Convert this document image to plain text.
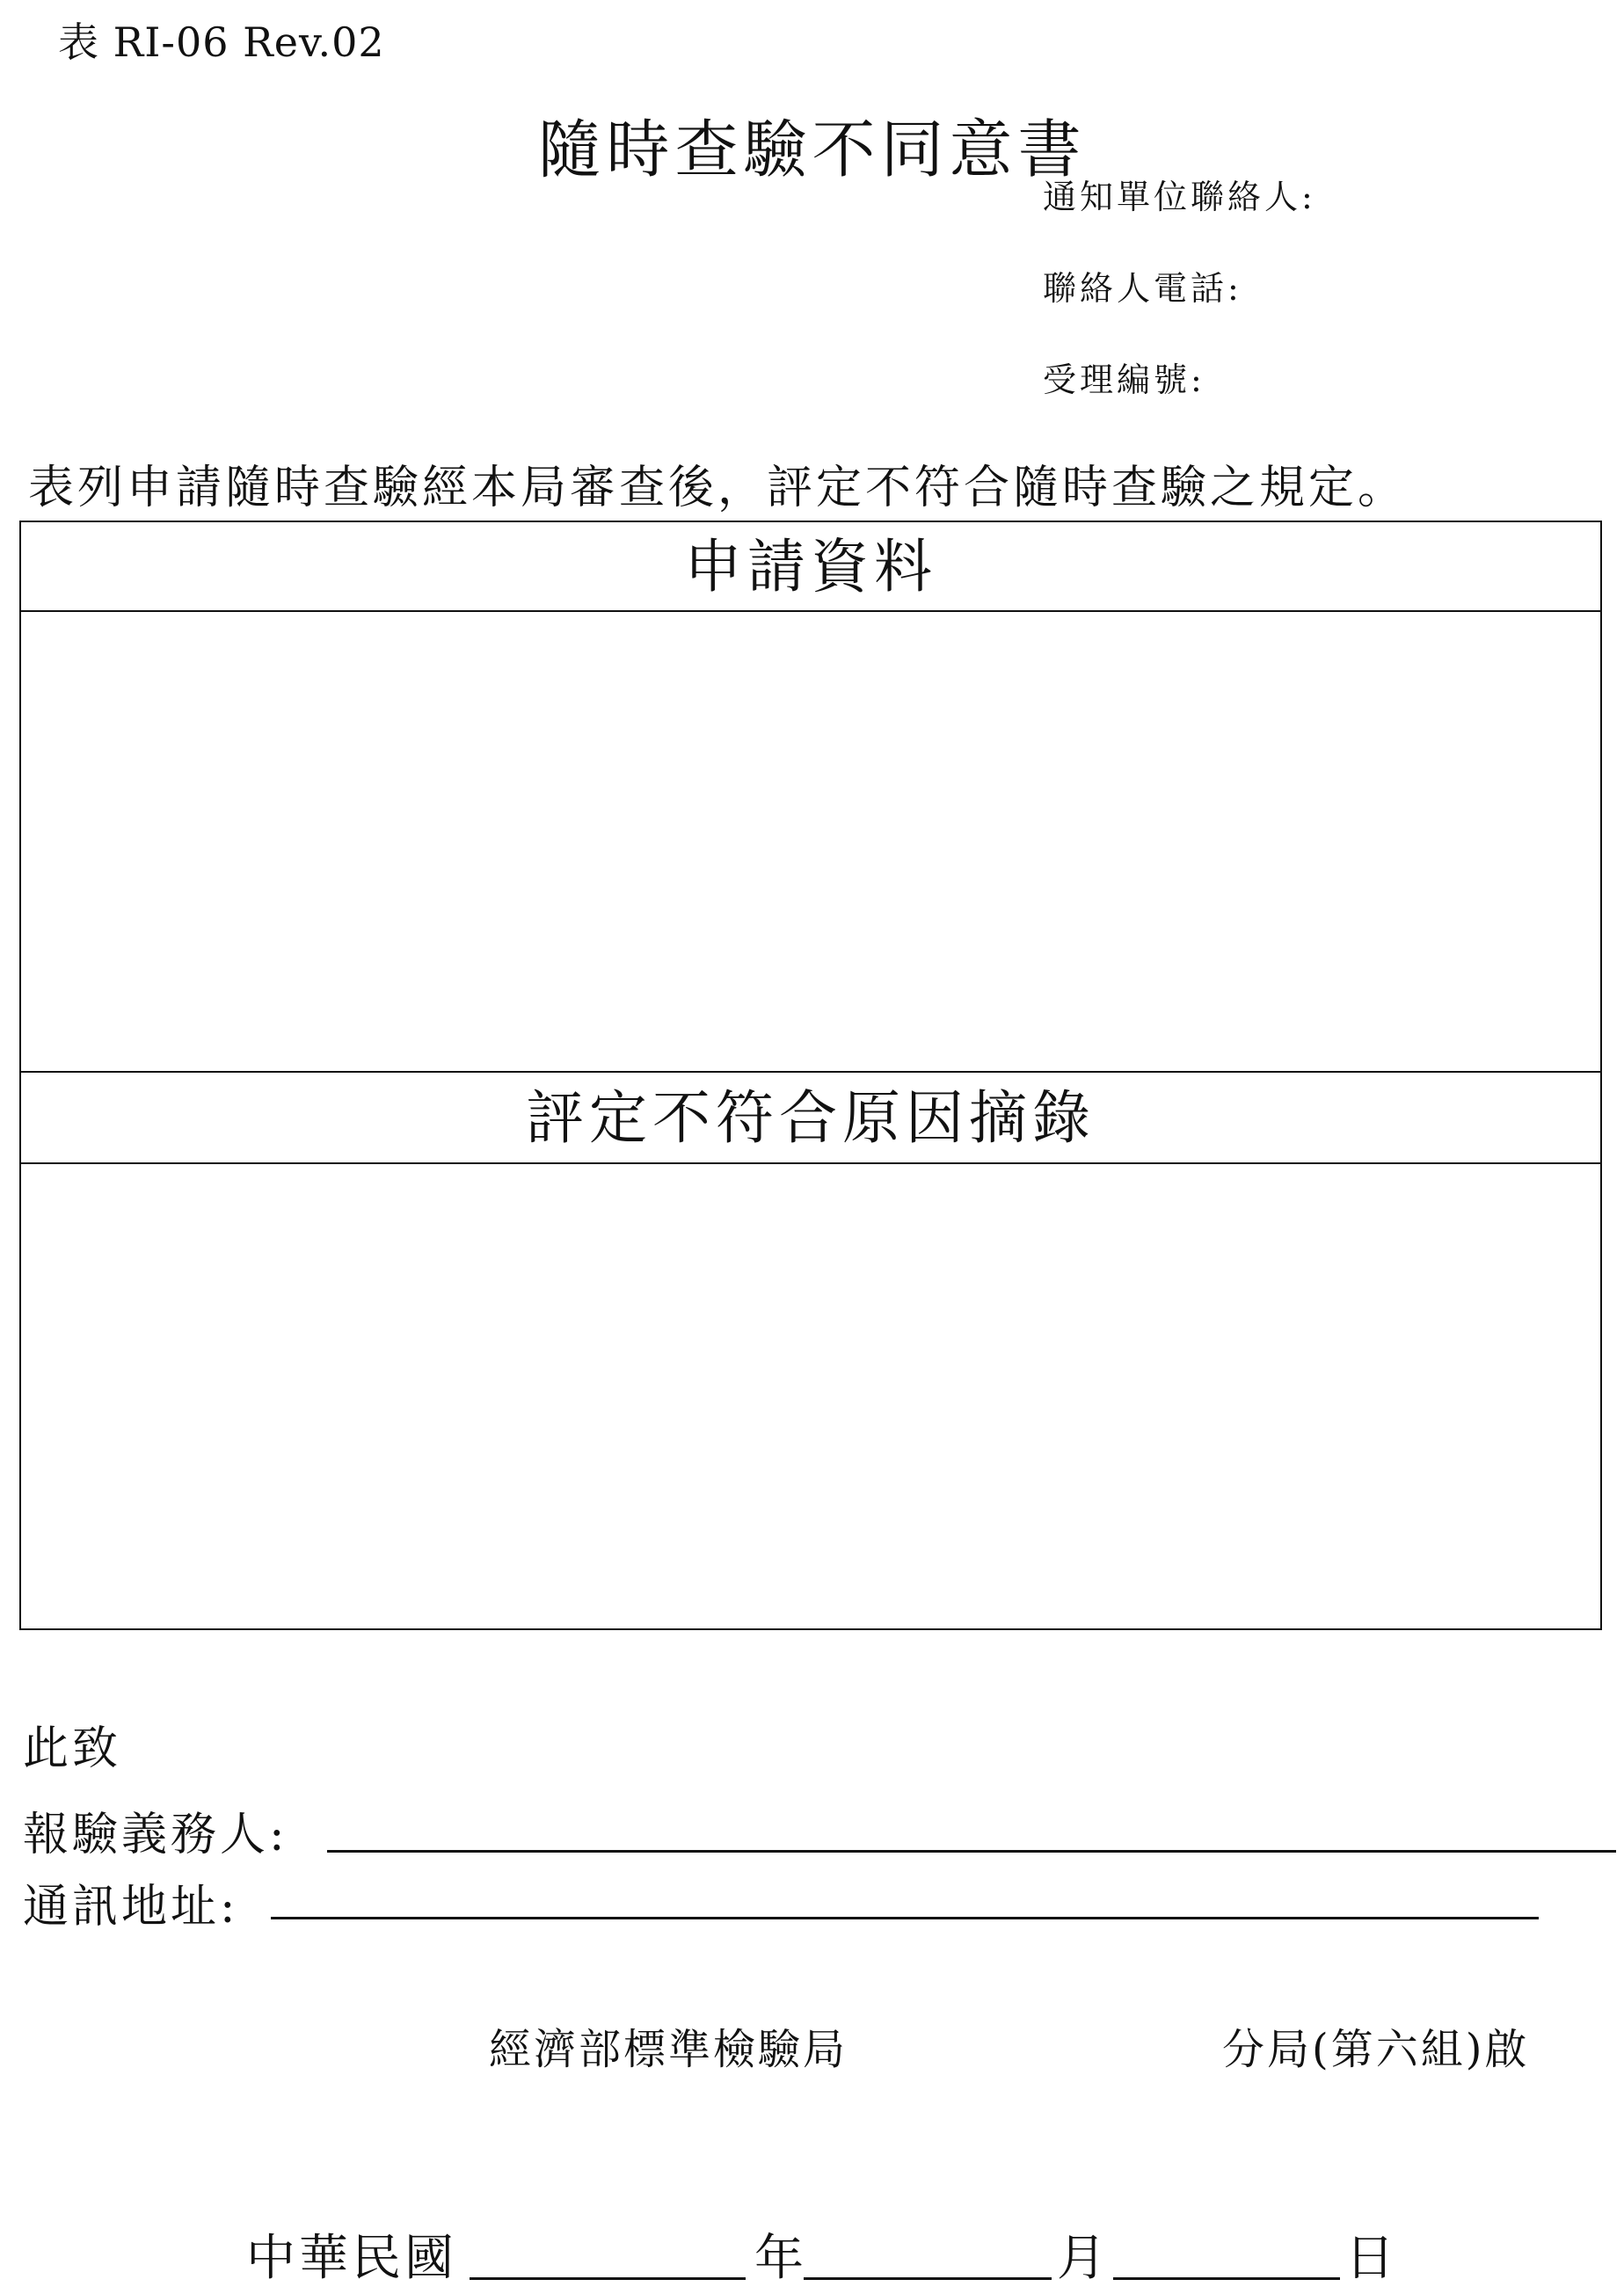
表 RI-06 Rev.02
隨時查驗不同意書
通知單位聯絡人:
聯絡人電話:
受理編號:
表列申請隨時查驗經本局審查後，評定不符合隨時查驗之規定。
申請資料
評定不符合原因摘錄
此致
報驗義務人:
通訊地址:
經濟部標準檢驗局	分局(第六組)啟
中華民國	年	月	日
